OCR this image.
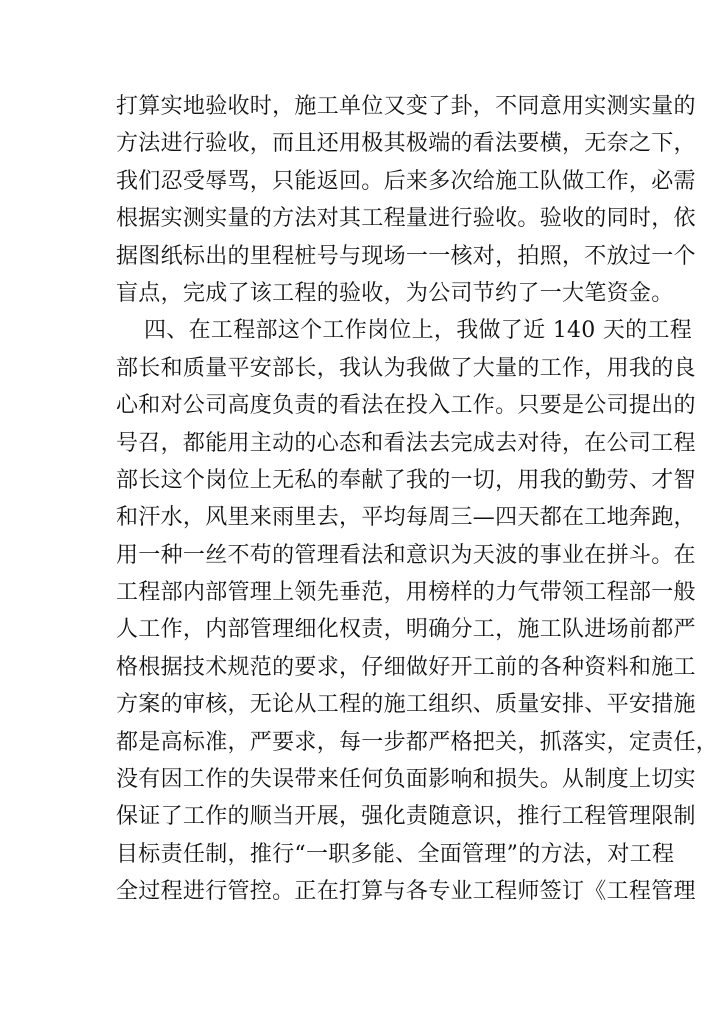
打算实地验收时，施工单位又变了卦，不同意用实测实量的
方法进行验收，而且还用极其极端的看法要横，无奈之下，
我们忍受辱骂，只能返回。后来多次给施工队做工作，必需
根据实测实量的方法对其工程量进行验收。验收的同时，依
据图纸标出的里程桩号与现场一一核对，拍照，不放过一个
盲点，完成了该工程的验收，为公司节约了一大笔资金。
四、在工程部这个工作岗位上，我做了近 140 天的工程
部长和质量平安部长，我认为我做了大量的工作，用我的良
心和对公司高度负责的看法在投入工作。只要是公司提出的
号召，都能用主动的心态和看法去完成去对待，在公司工程
部长这个岗位上无私的奉献了我的一切，用我的勤劳、才智
和汗水，风里来雨里去，平均每周三—四天都在工地奔跑，
用一种一丝不苟的管理看法和意识为天波的事业在拼斗。在
工程部内部管理上领先垂范，用榜样的力气带领工程部一般
人工作，内部管理细化权责，明确分工，施工队进场前都严
格根据技术规范的要求，仔细做好开工前的各种资料和施工
方案的审核，无论从工程的施工组织、质量安排、平安措施
都是高标准，严要求，每一步都严格把关，抓落实，定责任，
没有因工作的失误带来任何负面影响和损失。从制度上切实
保证了工作的顺当开展，强化责随意识，推行工程管理限制
目标责任制，推行“一职多能、全面管理”的方法，对工程
全过程进行管控。正在打算与各专业工程师签订《工程管理
